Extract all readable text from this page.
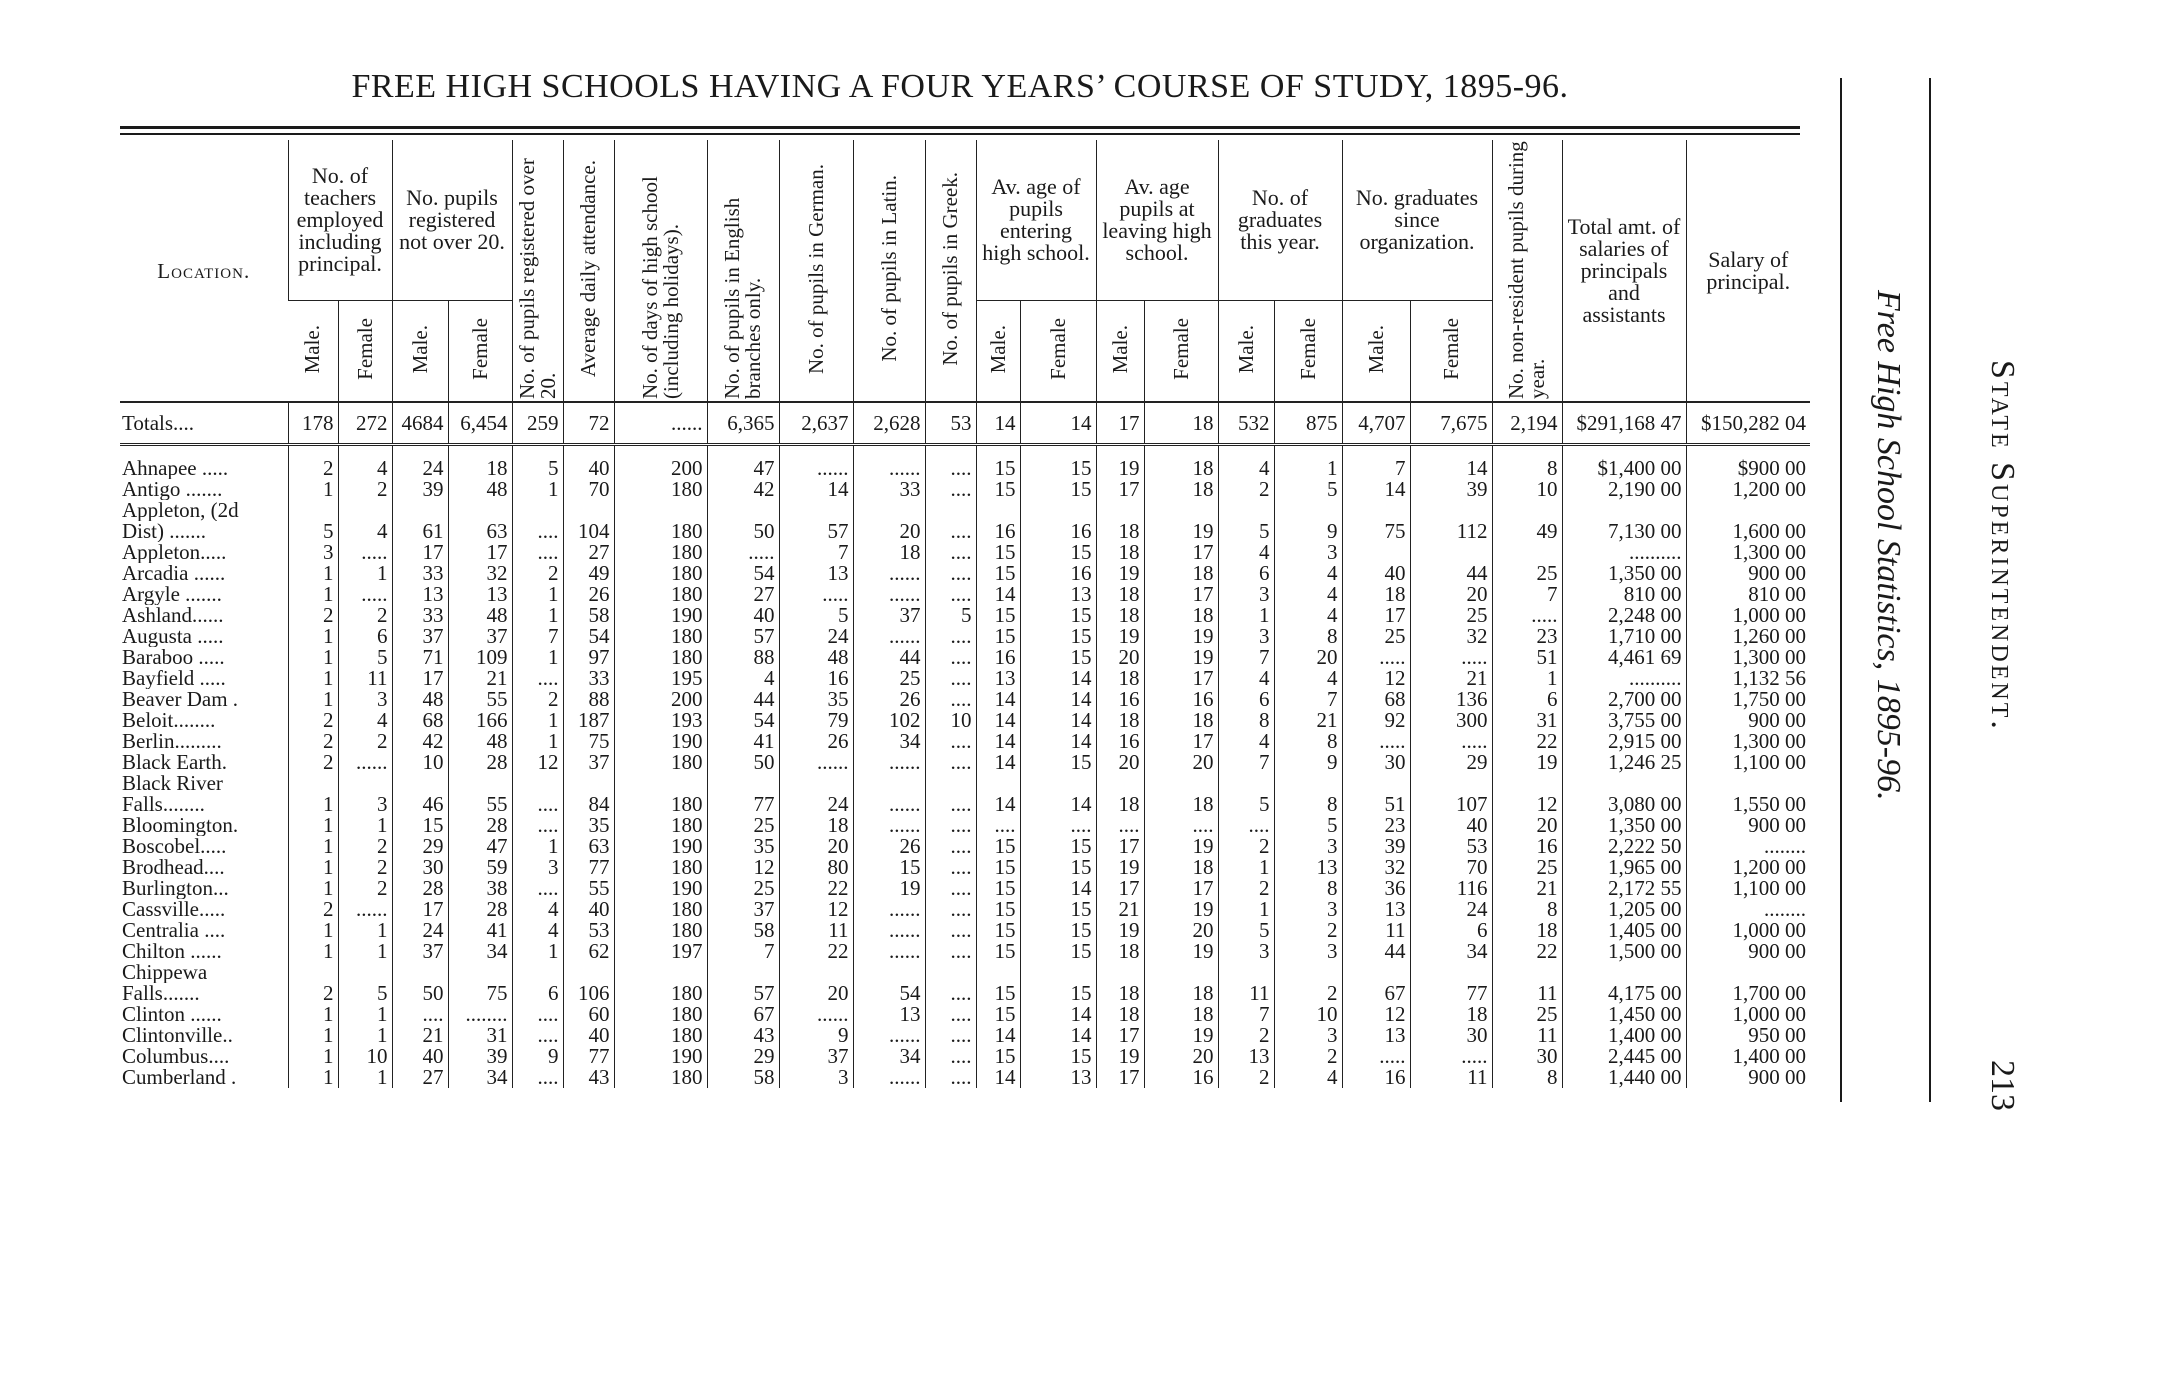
FREE HIGH SCHOOLS HAVING A FOUR YEARS’ COURSE OF STUDY, 1895-96.
Location.	No. of teachers employed including principal.		No. pupils registered not over 20.		No. of pupils registered over 20.	Average daily attendance.	No. of days of high school (including holidays).	No. of pupils in English branches only.	No. of pupils in German.	No. of pupils in Latin.	No. of pupils in Greek.	Av. age of pupils entering high school.		Av. age pupils at leaving high school.		No. of graduates this year.		No. graduates since organization.		No. non-resident pupils during year.	Total amt. of salaries of principals and assistants	Salary of principal.
	Male.	Female	Male.	Female								Male.	Female	Male.	Female	Male.	Female	Male.	Female			
Totals....	178	272	4684	6,454	259	72	......	6,365	2,637	2,628	53	14	14	17	18	532	875	4,707	7,675	2,194	$291,168 47	$150,282 04

Ahnapee .....	2	4	24	18	5	40	200	47	......	......	....	15	15	19	18	4	1	7	14	8	$1,400 00	$900 00
Antigo .......	1	2	39	48	1	70	180	42	14	33	....	15	15	17	18	2	5	14	39	10	2,190 00	1,200 00
Appleton, (2d																						
Dist) .......	5	4	61	63	....	104	180	50	57	20	....	16	16	18	19	5	9	75	112	49	7,130 00	1,600 00
Appleton.....	3	.....	17	17	....	27	180	.....	7	18	....	15	15	18	17	4	3				..........	1,300 00
Arcadia ......	1	1	33	32	2	49	180	54	13	......	....	15	16	19	18	6	4	40	44	25	1,350 00	900 00
Argyle .......	1	.....	13	13	1	26	180	27	.....	......	....	14	13	18	17	3	4	18	20	7	810 00	810 00
Ashland......	2	2	33	48	1	58	190	40	5	37	5	15	15	18	18	1	4	17	25	.....	2,248 00	1,000 00
Augusta .....	1	6	37	37	7	54	180	57	24	......	....	15	15	19	19	3	8	25	32	23	1,710 00	1,260 00
Baraboo .....	1	5	71	109	1	97	180	88	48	44	....	16	15	20	19	7	20	.....	.....	51	4,461 69	1,300 00
Bayfield .....	1	11	17	21	....	33	195	4	16	25	....	13	14	18	17	4	4	12	21	1	..........	1,132 56
Beaver Dam .	1	3	48	55	2	88	200	44	35	26	....	14	14	16	16	6	7	68	136	6	2,700 00	1,750 00
Beloit........	2	4	68	166	1	187	193	54	79	102	10	14	14	18	18	8	21	92	300	31	3,755 00	900 00
Berlin.........	2	2	42	48	1	75	190	41	26	34	....	14	14	16	17	4	8	.....	.....	22	2,915 00	1,300 00
Black Earth.	2	......	10	28	12	37	180	50	......	......	....	14	15	20	20	7	9	30	29	19	1,246 25	1,100 00
Black River																						
Falls........	1	3	46	55	....	84	180	77	24	......	....	14	14	18	18	5	8	51	107	12	3,080 00	1,550 00
Bloomington.	1	1	15	28	....	35	180	25	18	......	....	....	....	....	....	....	5	23	40	20	1,350 00	900 00
Boscobel.....	1	2	29	47	1	63	190	35	20	26	....	15	15	17	19	2	3	39	53	16	2,222 50	........
Brodhead....	1	2	30	59	3	77	180	12	80	15	....	15	15	19	18	1	13	32	70	25	1,965 00	1,200 00
Burlington...	1	2	28	38	....	55	190	25	22	19	....	15	14	17	17	2	8	36	116	21	2,172 55	1,100 00
Cassville.....	2	......	17	28	4	40	180	37	12	......	....	15	15	21	19	1	3	13	24	8	1,205 00	........
Centralia ....	1	1	24	41	4	53	180	58	11	......	....	15	15	19	20	5	2	11	6	18	1,405 00	1,000 00
Chilton ......	1	1	37	34	1	62	197	7	22	......	....	15	15	18	19	3	3	44	34	22	1,500 00	900 00
Chippewa																						
Falls.......	2	5	50	75	6	106	180	57	20	54	....	15	15	18	18	11	2	67	77	11	4,175 00	1,700 00
Clinton ......	1	1	....	........	....	60	180	67	......	13	....	15	14	18	18	7	10	12	18	25	1,450 00	1,000 00
Clintonville..	1	1	21	31	....	40	180	43	9	......	....	14	14	17	19	2	3	13	30	11	1,400 00	950 00
Columbus....	1	10	40	39	9	77	190	29	37	34	....	15	15	19	20	13	2	.....	.....	30	2,445 00	1,400 00
Cumberland .	1	1	27	34	....	43	180	58	3	......	....	14	13	17	16	2	4	16	11	8	1,440 00	900 00
Free High School Statistics, 1895-96.	State Superintendent.
213
